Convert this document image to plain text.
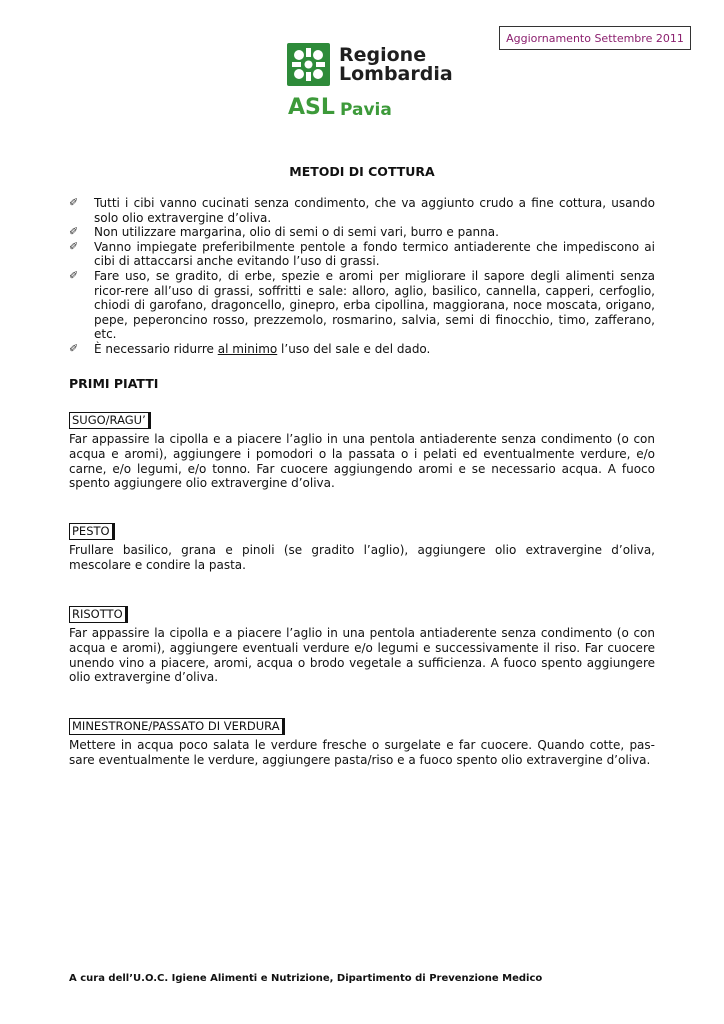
Aggiornamento Settembre 2011
Regione
Lombardia
ASL Pavia
METODI DI COTTURA
✐ Tutti i cibi vanno cucinati senza condimento, che va aggiunto crudo a fine cottura, usando solo olio extravergine d’oliva.
✐ Non utilizzare margarina, olio di semi o di semi vari, burro e panna.
✐ Vanno impiegate preferibilmente pentole a fondo termico antiaderente che impediscono ai cibi di attaccarsi anche evitando l’uso di grassi.
✐ Fare uso, se gradito, di erbe, spezie e aromi per migliorare il sapore degli alimenti senza ricor-rere all’uso di grassi, soffritti e sale: alloro, aglio, basilico, cannella, capperi, cerfoglio, chiodi di garofano, dragoncello, ginepro, erba cipollina, maggiorana, noce moscata, origano, pepe, peperoncino rosso, prezzemolo, rosmarino, salvia, semi di finocchio, timo, zafferano, etc.
✐ È necessario ridurre al minimo l’uso del sale e del dado.
PRIMI PIATTI
SUGO/RAGU’
Far appassire la cipolla e a piacere l’aglio in una pentola antiaderente senza condimento (o con acqua e aromi), aggiungere i pomodori o la passata o i pelati ed eventualmente verdure, e/o carne, e/o legumi, e/o tonno. Far cuocere aggiungendo aromi e se necessario acqua. A fuoco spento aggiungere olio extravergine d’oliva.
PESTO
Frullare basilico, grana e pinoli (se gradito l’aglio), aggiungere olio extravergine d’oliva, mescolare e condire la pasta.
RISOTTO
Far appassire la cipolla e a piacere l’aglio in una pentola antiaderente senza condimento (o con acqua e aromi), aggiungere eventuali verdure e/o legumi e successivamente il riso. Far cuocere unendo vino a piacere, aromi, acqua o brodo vegetale a sufficienza. A fuoco spento aggiungere olio extravergine d’oliva.
MINESTRONE/PASSATO DI VERDURA
Mettere in acqua poco salata le verdure fresche o surgelate e far cuocere. Quando cotte, pas-sare eventualmente le verdure, aggiungere pasta/riso e a fuoco spento olio extravergine d’oliva.
A cura dell’U.O.C. Igiene Alimenti e Nutrizione, Dipartimento di Prevenzione Medico
